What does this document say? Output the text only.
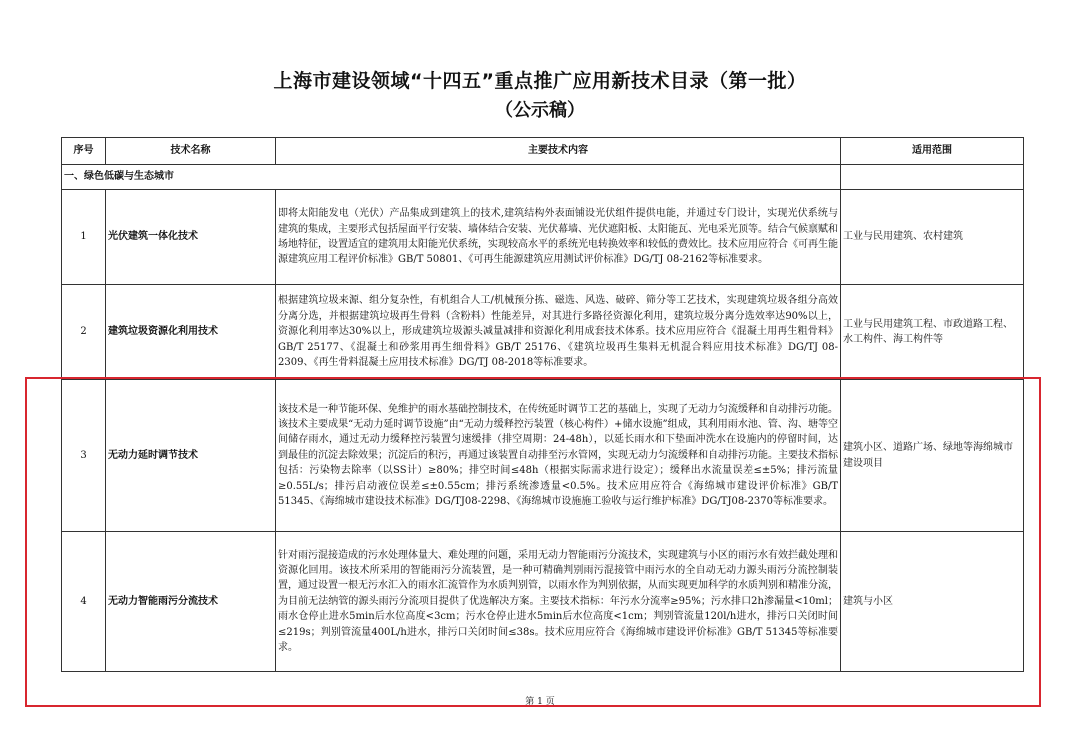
上海市建设领域“十四五”重点推广应用新技术目录（第一批）
（公示稿）
序号	技术名称	主要技术内容	适用范围
一、绿色低碳与生态城市			
1	光伏建筑一体化技术	即将太阳能发电（光伏）产品集成到建筑上的技术,建筑结构外表面铺设光伏组件提供电能，并通过专门设计，实现光伏系统与建筑的集成，主要形式包括屋面平行安装、墙体结合安装、光伏幕墙、光伏遮阳板、太阳能瓦、光电采光顶等。结合气候禀赋和场地特征，设置适宜的建筑用太阳能光伏系统，实现较高水平的系统光电转换效率和较低的费效比。技术应用应符合《可再生能源建筑应用工程评价标准》GB/T 50801、《可再生能源建筑应用测试评价标准》DG/TJ 08-2162等标准要求。	工业与民用建筑、农村建筑
2	建筑垃圾资源化利用技术	根据建筑垃圾来源、组分复杂性，有机组合人工/机械预分拣、磁选、风选、破碎、筛分等工艺技术，实现建筑垃圾各组分高效分离分选，并根据建筑垃圾再生骨料（含粉料）性能差异，对其进行多路径资源化利用，建筑垃圾分离分选效率达90%以上，资源化利用率达30%以上，形成建筑垃圾源头减量减排和资源化利用成套技术体系。技术应用应符合《混凝土用再生粗骨料》GB/T 25177、《混凝土和砂浆用再生细骨料》GB/T 25176、《建筑垃圾再生集料无机混合料应用技术标准》DG/TJ 08-2309、《再生骨料混凝土应用技术标准》DG/TJ 08-2018等标准要求。	工业与民用建筑工程、市政道路工程、水工构件、海工构件等
3	无动力延时调节技术	该技术是一种节能环保、免维护的雨水基础控制技术，在传统延时调节工艺的基础上，实现了无动力匀流缓释和自动排污功能。该技术主要成果“无动力延时调节设施”由“无动力缓释控污装置（核心构件）+储水设施”组成，其利用雨水池、管、沟、塘等空间储存雨水，通过无动力缓释控污装置匀速缓排（排空周期：24-48h），以延长雨水和下垫面冲洗水在设施内的停留时间，达到最佳的沉淀去除效果；沉淀后的积污，再通过该装置自动排至污水管网，实现无动力匀流缓释和自动排污功能。主要技术指标包括：污染物去除率（以SS计）≥80%；排空时间≤48h（根据实际需求进行设定）；缓释出水流量误差≤±5%；排污流量≥0.55L/s；排污启动液位误差≤±0.55cm；排污系统渗透量<0.5%。技术应用应符合《海绵城市建设评价标准》GB/T 51345、《海绵城市建设技术标准》DG/TJ08-2298、《海绵城市设施施工验收与运行维护标准》DG/TJ08-2370等标准要求。	建筑小区、道路广场、绿地等海绵城市建设项目
4	无动力智能雨污分流技术	针对雨污混接造成的污水处理体量大、难处理的问题，采用无动力智能雨污分流技术，实现建筑与小区的雨污水有效拦截处理和资源化回用。该技术所采用的智能雨污分流装置，是一种可精确判别雨污混接管中雨污水的全自动无动力源头雨污分流控制装置，通过设置一根无污水汇入的雨水汇流管作为水质判别管，以雨水作为判别依据，从而实现更加科学的水质判别和精准分流，为目前无法纳管的源头雨污分流项目提供了优选解决方案。主要技术指标：年污水分流率≥95%；污水排口2h渗漏量<10ml；雨水仓停止进水5min后水位高度<3cm；污水仓停止进水5min后水位高度<1cm；判别管流量120l/h进水，排污口关闭时间≤219s；判别管流量400L/h进水，排污口关闭时间≤38s。技术应用应符合《海绵城市建设评价标准》GB/T 51345等标准要求。	建筑与小区
第 1 页
